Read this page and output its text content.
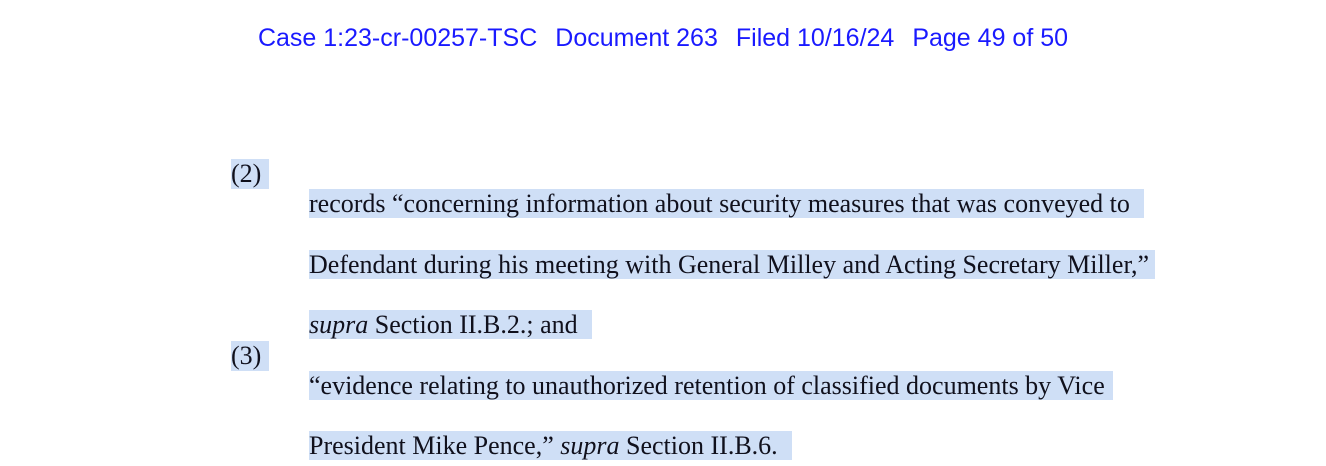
Case 1:23-cr-00257-TSC Document 263 Filed 10/16/24 Page 49 of 50
(2)

records “concerning information about security measures that was conveyed to

Defendant during his meeting with General Milley and Acting Secretary Miller,”

supra Section II.B.2.; and

(3)

“evidence relating to unauthorized retention of classified documents by Vice

President Mike Pence,” supra Section II.B.6.
